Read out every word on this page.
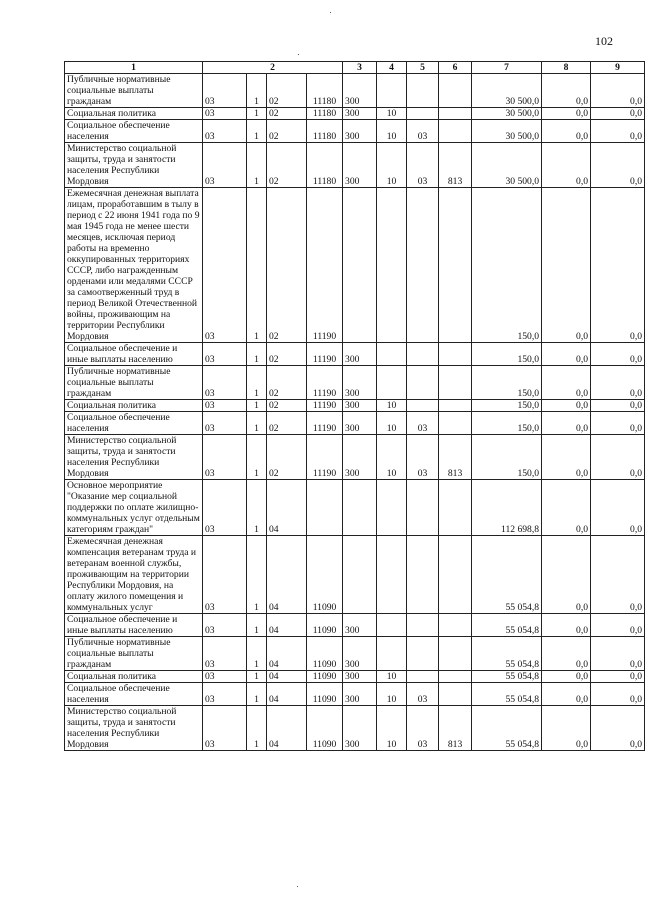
102
1	2				3	4	5	6	7	8	9
Публичные нормативные социальные выплаты гражданам	03	1	02	11180	300				30 500,0	0,0	0,0
Социальная политика	03	1	02	11180	300	10			30 500,0	0,0	0,0
Социальное обеспечение населения	03	1	02	11180	300	10	03		30 500,0	0,0	0,0
Министерство социальной защиты, труда и занятости населения Республики Мордовия	03	1	02	11180	300	10	03	813	30 500,0	0,0	0,0
Ежемесячная денежная выплата лицам, проработавшим в тылу в период с 22 июня 1941 года по 9 мая 1945 года не менее шести месяцев, исключая период работы на временно оккупированных территориях СССР, либо награжденным орденами или медалями СССР за самоотверженный труд в период Великой Отечественной войны, проживающим на территории Республики Мордовия	03	1	02	11190					150,0	0,0	0,0
Социальное обеспечение и иные выплаты населению	03	1	02	11190	300				150,0	0,0	0,0
Публичные нормативные социальные выплаты гражданам	03	1	02	11190	300				150,0	0,0	0,0
Социальная политика	03	1	02	11190	300	10			150,0	0,0	0,0
Социальное обеспечение населения	03	1	02	11190	300	10	03		150,0	0,0	0,0
Министерство социальной защиты, труда и занятости населения Республики Мордовия	03	1	02	11190	300	10	03	813	150,0	0,0	0,0
Основное мероприятие "Оказание мер социальной поддержки по оплате жилищно-коммунальных услуг отдельным категориям граждан"	03	1	04						112 698,8	0,0	0,0
Ежемесячная денежная компенсация ветеранам труда и ветеранам военной службы, проживающим на территории Республики Мордовия, на оплату жилого помещения и коммунальных услуг	03	1	04	11090					55 054,8	0,0	0,0
Социальное обеспечение и иные выплаты населению	03	1	04	11090	300				55 054,8	0,0	0,0
Публичные нормативные социальные выплаты гражданам	03	1	04	11090	300				55 054,8	0,0	0,0
Социальная политика	03	1	04	11090	300	10			55 054,8	0,0	0,0
Социальное обеспечение населения	03	1	04	11090	300	10	03		55 054,8	0,0	0,0
Министерство социальной защиты, труда и занятости населения Республики Мордовия	03	1	04	11090	300	10	03	813	55 054,8	0,0	0,0
